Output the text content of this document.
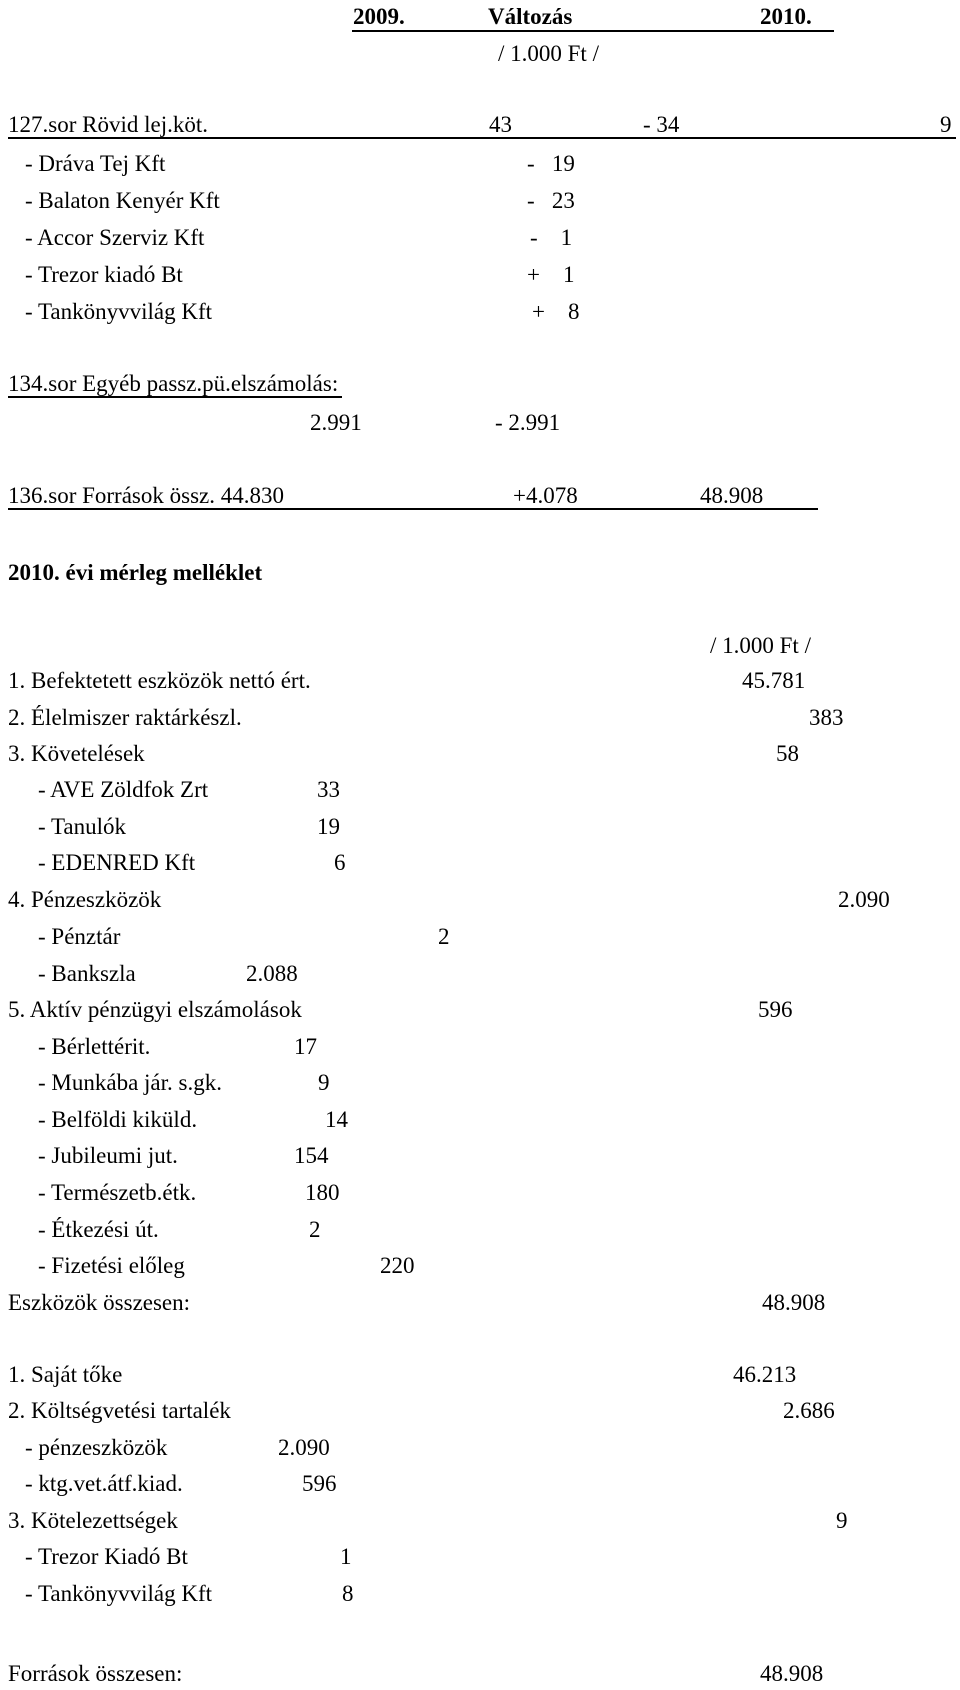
2009.	Változás	2010.
/ 1.000 Ft /
127.sor Rövid lej.köt.	43	- 34	9
- Dráva Tej Kft	-   19
- Balaton Kenyér Kft	-   23
- Accor Szerviz Kft	-    1
- Trezor kiadó Bt	+    1
- Tankönyvvilág Kft	+    8
134.sor Egyéb passz.pü.elszámolás:
2.991	- 2.991
136.sor Források össz. 44.830	+4.078	48.908
2010. évi mérleg melléklet
/ 1.000 Ft /
1. Befektetett eszközök nettó ért.	45.781
2. Élelmiszer raktárkészl.	383
3. Követelések	58
- AVE Zöldfok Zrt	33
- Tanulók	19
- EDENRED Kft	6
4. Pénzeszközök	2.090
- Pénztár	2
- Bankszla	2.088
5. Aktív pénzügyi elszámolások	596
- Bérlettérit.	17
- Munkába jár. s.gk.	9
- Belföldi kiküld.	14
- Jubileumi jut.	154
- Természetb.étk.	180
- Étkezési út.	2
- Fizetési előleg	220
Eszközök összesen:	48.908
1. Saját tőke	46.213
2. Költségvetési tartalék	2.686
- pénzeszközök	2.090
- ktg.vet.átf.kiad.	596
3. Kötelezettségek	9
- Trezor Kiadó Bt	1
- Tankönyvvilág Kft	8
Források összesen:	48.908
